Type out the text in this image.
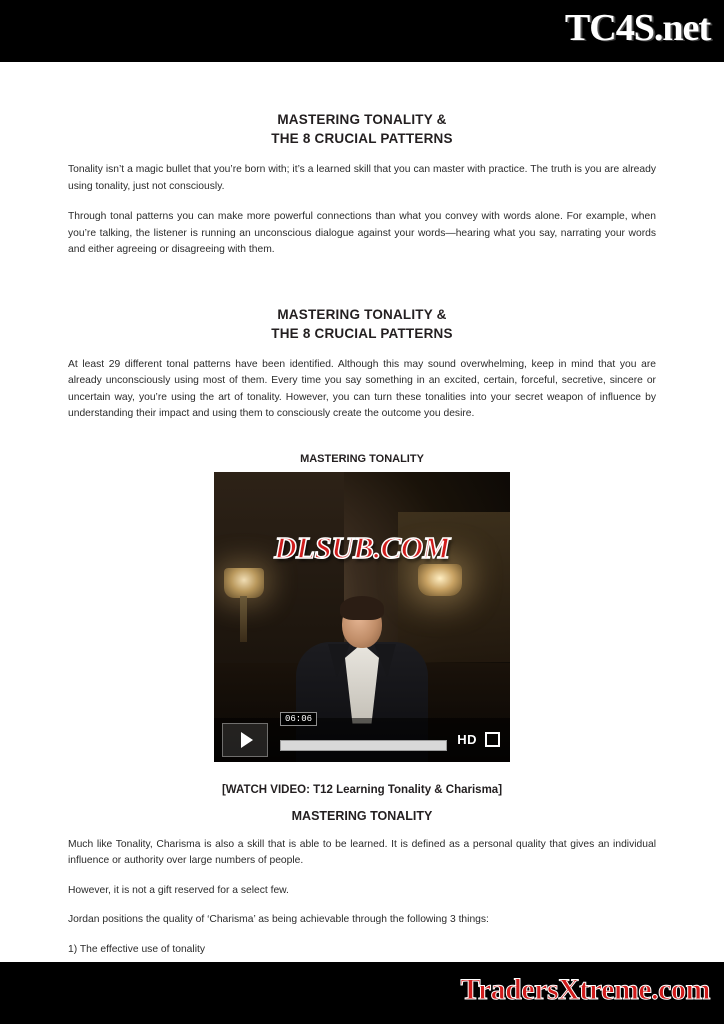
TC4S.net
MASTERING TONALITY &
THE 8 CRUCIAL PATTERNS

Tonality isn’t a magic bullet that you’re born with; it’s a learned skill that you can master with practice. The truth is you are already using tonality, just not consciously.

Through tonal patterns you can make more powerful connections than what you convey with words alone. For example, when you’re talking, the listener is running an unconscious dialogue against your words—hearing what you say, narrating your words and either agreeing or disagreeing with them.

MASTERING TONALITY &
THE 8 CRUCIAL PATTERNS

At least 29 different tonal patterns have been identified. Although this may sound overwhelming, keep in mind that you are already unconsciously using most of them. Every time you say something in an excited, certain, forceful, secretive, sincere or uncertain way, you’re using the art of tonality. However, you can turn these tonalities into your secret weapon of influence by understanding their impact and using them to consciously create the outcome you desire.

MASTERING TONALITY
DLSUB.COM
06:06
HD
[WATCH VIDEO: T12 Learning Tonality & Charisma]
MASTERING TONALITY

Much like Tonality, Charisma is also a skill that is able to be learned. It is defined as a personal quality that gives an individual influence or authority over large numbers of people.

However, it is not a gift reserved for a select few.

Jordan positions the quality of ‘Charisma’ as being achievable through the following 3 things:

1) The effective use of tonality

TradersXtreme.com
